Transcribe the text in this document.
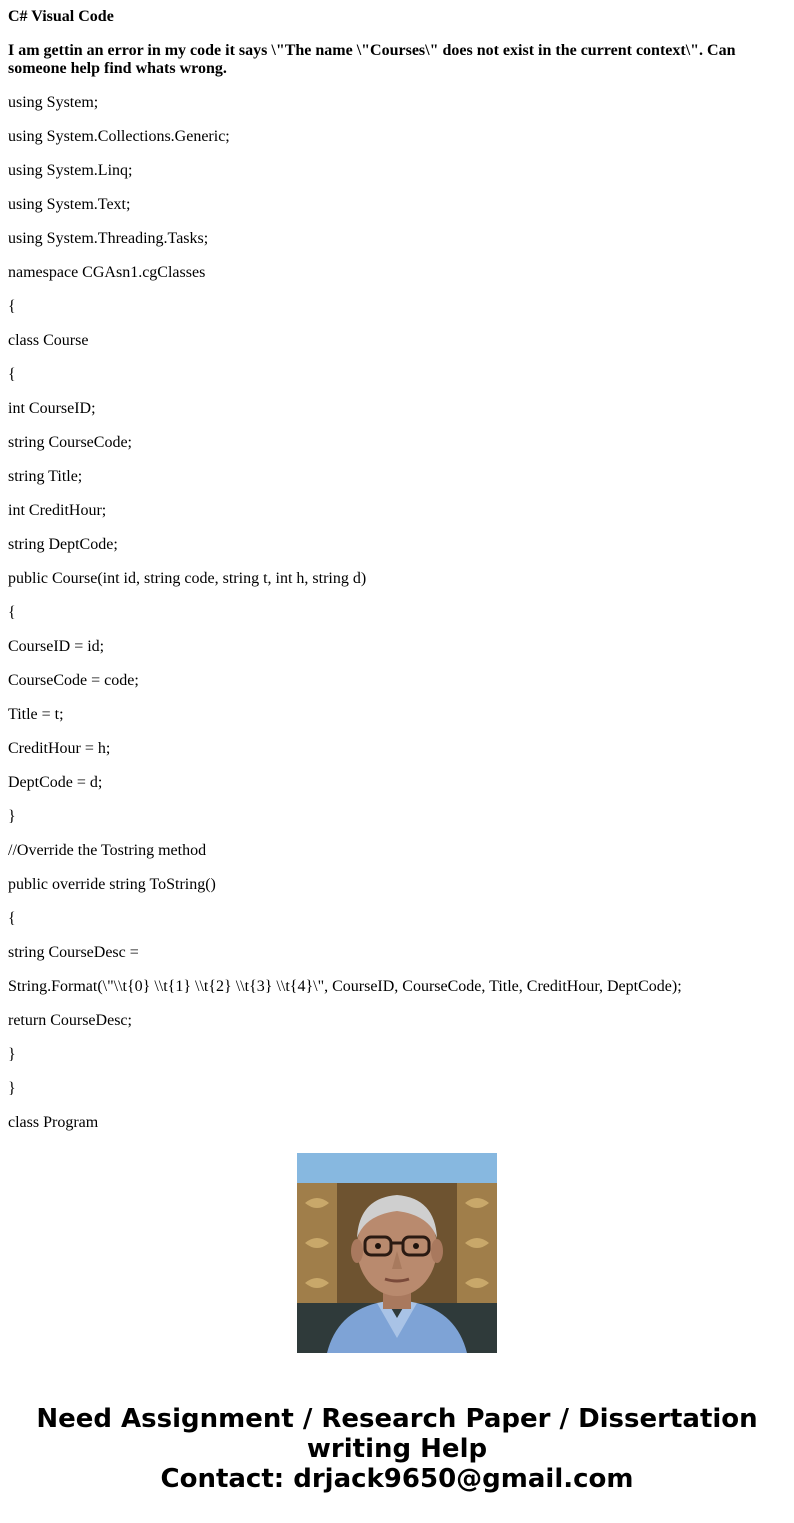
C# Visual Code
I am gettin an error in my code it says \"The name \"Courses\" does not exist in the current context\". Can someone help find whats wrong.

using System;

using System.Collections.Generic;

using System.Linq;

using System.Text;

using System.Threading.Tasks;

namespace CGAsn1.cgClasses

{

class Course

{

int CourseID;

string CourseCode;

string Title;

int CreditHour;

string DeptCode;

public Course(int id, string code, string t, int h, string d)

{

CourseID = id;

CourseCode = code;

Title = t;

CreditHour = h;

DeptCode = d;

}

//Override the Tostring method

public override string ToString()

{

string CourseDesc =

String.Format(\"\\t{0} \\t{1} \\t{2} \\t{3} \\t{4}\", CourseID, CourseCode, Title, CreditHour, DeptCode);

return CourseDesc;

}

}

class Program

Need Assignment / Research Paper / Dissertation
writing Help
Contact: drjack9650@gmail.com
